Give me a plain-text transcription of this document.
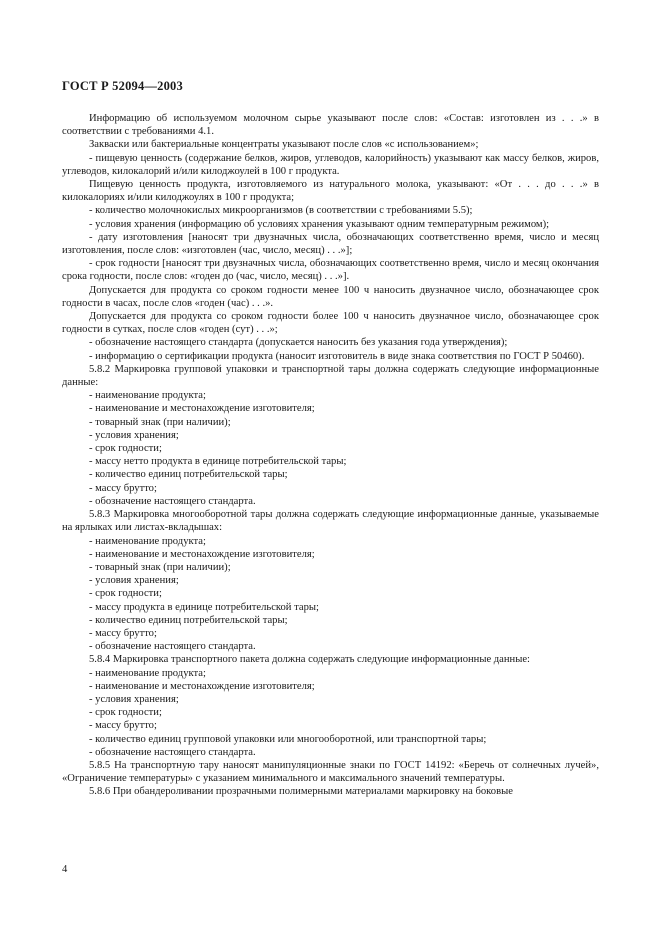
ГОСТ Р 52094—2003

Информацию об используемом молочном сырье указывают после слов: «Состав: изготовлен из . . .» в соответствии с требованиями 4.1.

Закваски или бактериальные концентраты указывают после слов «с использованием»;

- пищевую ценность (содержание белков, жиров, углеводов, калорийность) указывают как массу белков, жиров, углеводов, килокалорий и/или килоджоулей в 100 г продукта.

Пищевую ценность продукта, изготовляемого из натурального молока, указывают: «От . . . до . . .» в килокалориях и/или килоджоулях в 100 г продукта;

- количество молочнокислых микроорганизмов (в соответствии с требованиями 5.5);

- условия хранения (информацию об условиях хранения указывают одним температурным режимом);

- дату изготовления [наносят три двузначных числа, обозначающих соответственно время, число и месяц изготовления, после слов: «изготовлен (час, число, месяц) . . .»];

- срок годности [наносят три двузначных числа, обозначающих соответственно время, число и месяц окончания срока годности, после слов: «годен до (час, число, месяц) . . .»].

Допускается для продукта со сроком годности менее 100 ч наносить двузначное число, обозначающее срок годности в часах, после слов «годен (час) . . .».

Допускается для продукта со сроком годности более 100 ч наносить двузначное число, обозначающее срок годности в сутках, после слов «годен (сут) . . .»;

- обозначение настоящего стандарта (допускается наносить без указания года утверждения);

- информацию о сертификации продукта (наносит изготовитель в виде знака соответствия по ГОСТ Р 50460).

5.8.2 Маркировка групповой упаковки и транспортной тары должна содержать следующие информационные данные:

- наименование продукта;

- наименование и местонахождение изготовителя;

- товарный знак (при наличии);

- условия хранения;

- срок годности;

- массу нетто продукта в единице потребительской тары;

- количество единиц потребительской тары;

- массу брутто;

- обозначение настоящего стандарта.

5.8.3 Маркировка многооборотной тары должна содержать следующие информационные данные, указываемые на ярлыках или листах-вкладышах:

- наименование продукта;

- наименование и местонахождение изготовителя;

- товарный знак (при наличии);

- условия хранения;

- срок годности;

- массу продукта в единице потребительской тары;

- количество единиц потребительской тары;

- массу брутто;

- обозначение настоящего стандарта.

5.8.4 Маркировка транспортного пакета должна содержать следующие информационные данные:

- наименование продукта;

- наименование и местонахождение изготовителя;

- условия хранения;

- срок годности;

- массу брутто;

- количество единиц групповой упаковки или многооборотной, или транспортной тары;

- обозначение настоящего стандарта.

5.8.5 На транспортную тару наносят манипуляционные знаки по ГОСТ 14192: «Беречь от солнечных лучей», «Ограничение температуры» с указанием минимального и максимального значений температуры.

5.8.6 При обандероливании прозрачными полимерными материалами маркировку на боковые

4
